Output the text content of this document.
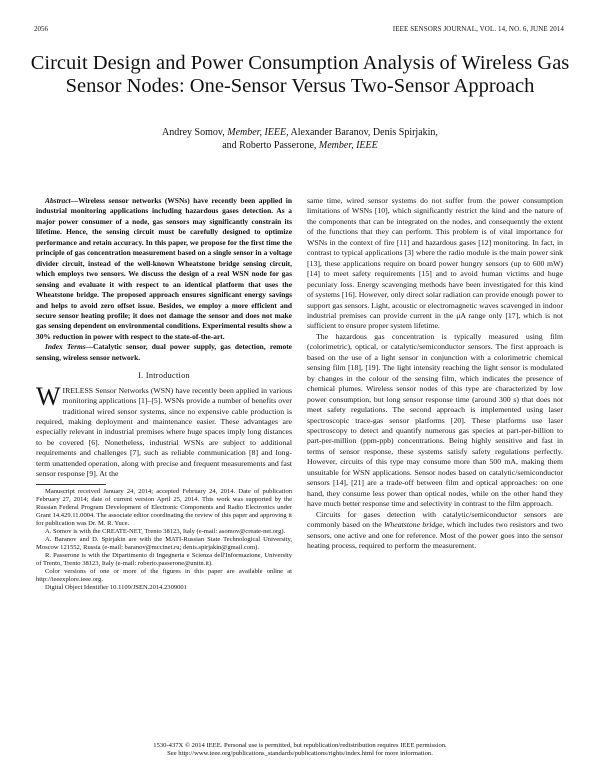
2056	IEEE SENSORS JOURNAL, VOL. 14, NO. 6, JUNE 2014
Circuit Design and Power Consumption Analysis of Wireless Gas Sensor Nodes: One-Sensor Versus Two-Sensor Approach
Andrey Somov, Member, IEEE, Alexander Baranov, Denis Spirjakin,
and Roberto Passerone, Member, IEEE

Abstract—Wireless sensor networks (WSNs) have recently been applied in industrial monitoring applications including hazardous gases detection. As a major power consumer of a node, gas sensors may significantly constrain its lifetime. Hence, the sensing circuit must be carefully designed to optimize performance and retain accuracy. In this paper, we propose for the first time the principle of gas concentration measurement based on a single sensor in a voltage divider circuit, instead of the well-known Wheatstone bridge sensing circuit, which employs two sensors. We discuss the design of a real WSN node for gas sensing and evaluate it with respect to an identical platform that uses the Wheatstone bridge. The proposed approach ensures significant energy savings and helps to avoid zero offset issue. Besides, we employ a more efficient and secure sensor heating profile; it does not damage the sensor and does not make gas sensing dependent on environmental conditions. Experimental results show a 30% reduction in power with respect to the state-of-the-art.

Index Terms—Catalytic sensor, dual power supply, gas detection, remote sensing, wireless sensor network.

I. Introduction

WIRELESS Sensor Networks (WSN) have recently been applied in various monitoring applications [1]–[5]. WSNs provide a number of benefits over traditional wired sensor systems, since no expensive cable production is required, making deployment and maintenance easier. These advantages are especially relevant in industrial premises where huge spaces imply long distances to be covered [6]. Nonetheless, industrial WSNs are subject to additional requirements and challenges [7], such as reliable communication [8] and long-term unattended operation, along with precise and frequent measurements and fast sensor response [9]. At the

Manuscript received January 24, 2014; accepted February 24, 2014. Date of publication February 27, 2014; date of current version April 25, 2014. This work was supported by the Russian Federal Program Development of Electronic Components and Radio Electronics under Grant 14.429.11.0004. The associate editor coordinating the review of this paper and approving it for publication was Dr. M. R. Yuce.

A. Somov is with the CREATE-NET, Trento 38123, Italy (e-mail: asomov@create-net.org).

A. Baranov and D. Spirjakin are with the MATI-Russian State Technological University, Moscow 121552, Russia (e-mail: baranov@mccinet.ru; denis.spirjakin@gmail.com).

R. Passerone is with the Dipartimento di Ingegneria e Scienza dell'Informazione, University of Trento, Trento 38123, Italy (e-mail: roberto.passerone@unitn.it).

Color versions of one or more of the figures in this paper are available online at http://ieeexplore.ieee.org.

Digital Object Identifier 10.1109/JSEN.2014.2309001

same time, wired sensor systems do not suffer from the power consumption limitations of WSNs [10], which significantly restrict the kind and the nature of the components that can be integrated on the nodes, and consequently the extent of the functions that they can perform. This problem is of vital importance for WSNs in the context of fire [11] and hazardous gases [12] monitoring. In fact, in contrast to typical applications [3] where the radio module is the main power sink [13], these applications require on board power hungry sensors (up to 600 mW) [14] to meet safety requirements [15] and to avoid human victims and huge pecuniary loss. Energy scavenging methods have been investigated for this kind of systems [16]. However, only direct solar radiation can provide enough power to support gas sensors. Light, acoustic or electromagnetic waves scavenged in indoor industrial premises can provide current in the μA range only [17], which is not sufficient to ensure proper system lifetime.

The hazardous gas concentration is typically measured using film (colorimetric), optical, or catalytic/semiconductor sensors. The first approach is based on the use of a light sensor in conjunction with a colorimetric chemical sensing film [18], [19]. The light intensity reaching the light sensor is modulated by changes in the colour of the sensing film, which indicates the presence of chemical plumes. Wireless sensor nodes of this type are characterized by low power consumption, but long sensor response time (around 300 s) that does not meet safety regulations. The second approach is implemented using laser spectroscopic trace-gas sensor platforms [20]. These platforms use laser spectroscopy to detect and quantify numerous gas species at part-per-billion to part-per-million (ppm-ppb) concentrations. Being highly sensitive and fast in terms of sensor response, these systems satisfy safety regulations perfectly. However, circuits of this type may consume more than 500 mA, making them unsuitable for WSN applications. Sensor nodes based on catalytic/semiconductor sensors [14], [21] are a trade-off between film and optical approaches: on one hand, they consume less power than optical nodes, while on the other hand they have much better response time and selectivity in contrast to the film approach.

Circuits for gases detection with catalytic/semiconductor sensors are commonly based on the Wheatstone bridge, which includes two resistors and two sensors, one active and one for reference. Most of the power goes into the sensor heating process, required to perform the measurement.

1530-437X © 2014 IEEE. Personal use is permitted, but republication/redistribution requires IEEE permission.
See http://www.ieee.org/publications_standards/publications/rights/index.html for more information.
